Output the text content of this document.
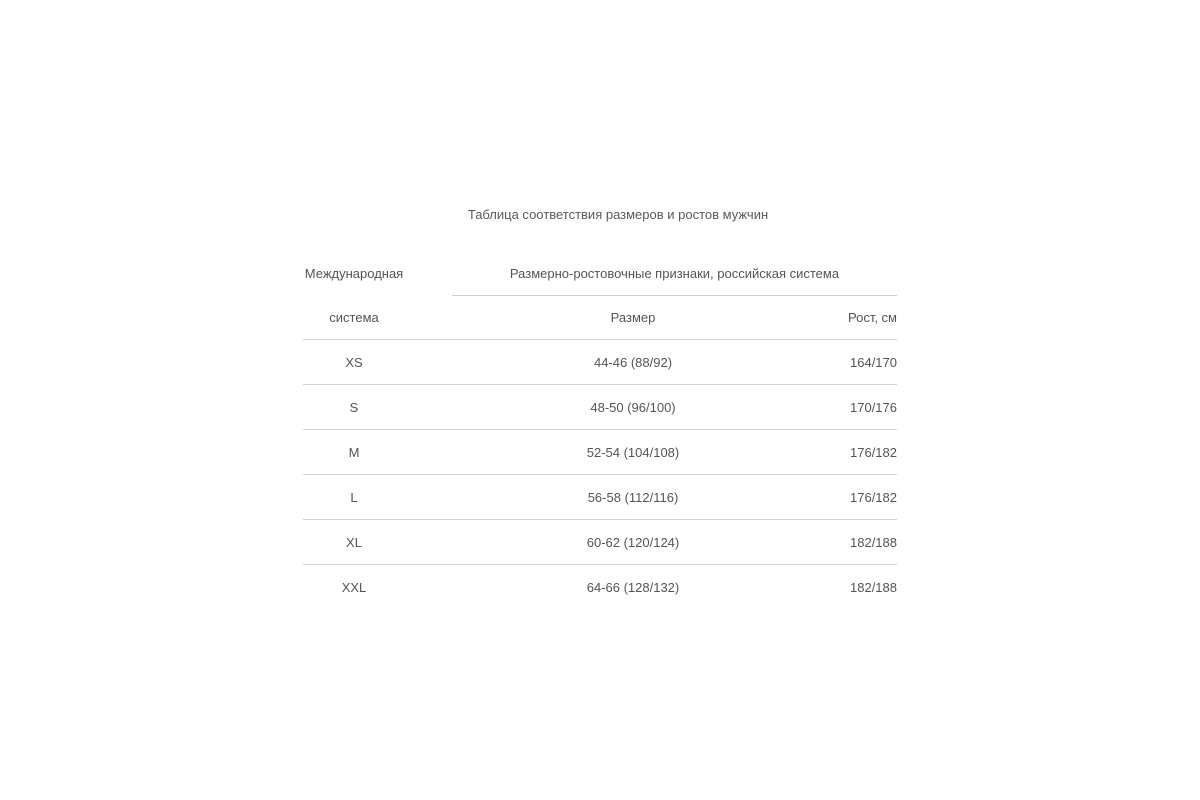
Таблица соответствия размеров и ростов мужчин
Международная	Размерно-ростовочные признаки, российская система
система	Размер	Рост, см
XS	44-46 (88/92)	164/170
S	48-50 (96/100)	170/176
M	52-54 (104/108)	176/182
L	56-58 (112/116)	176/182
XL	60-62 (120/124)	182/188
XXL	64-66 (128/132)	182/188
